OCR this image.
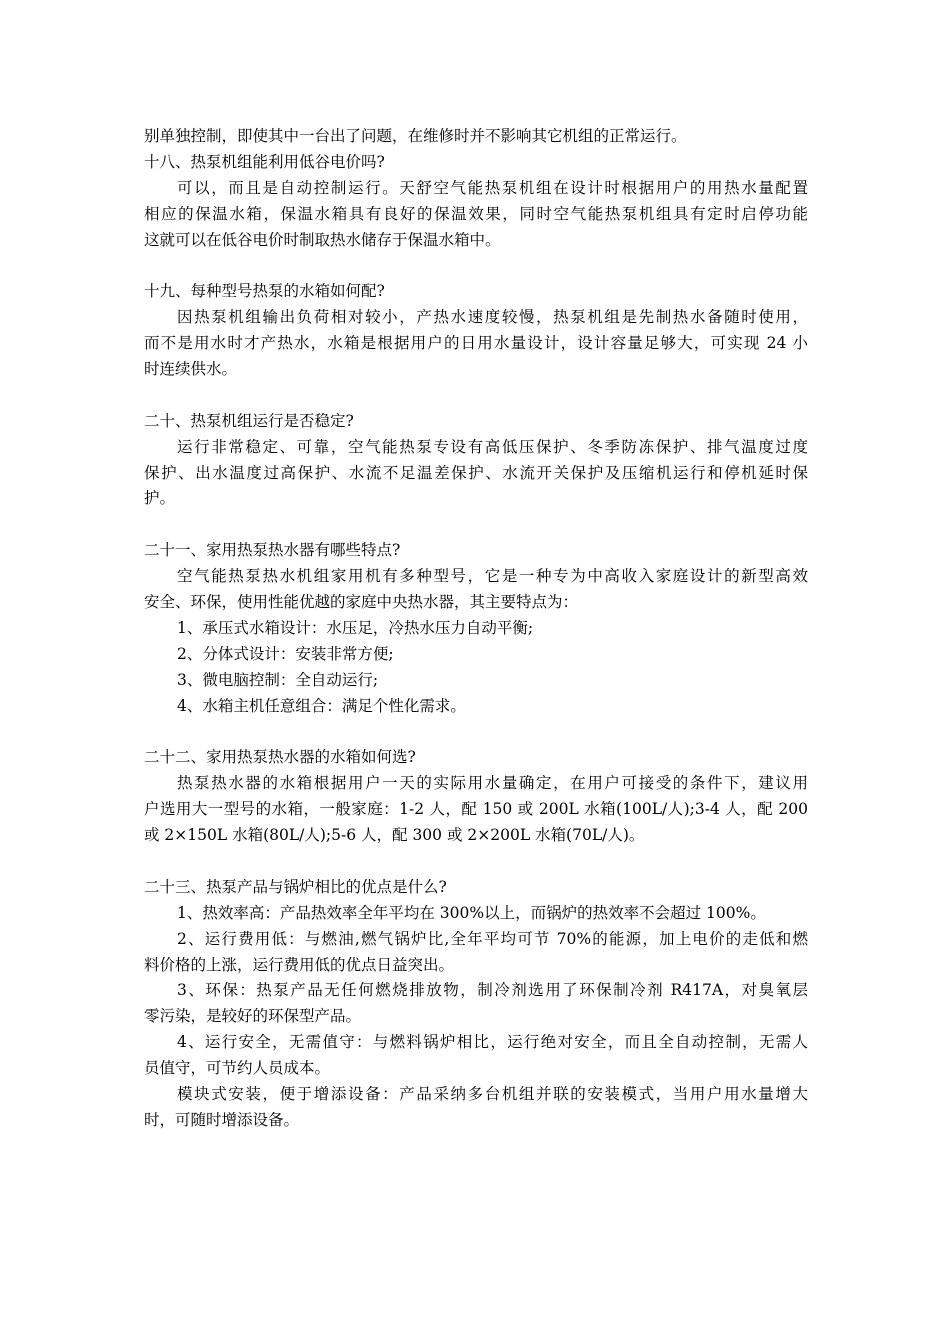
别单独控制，即使其中一台出了问题，在维修时并不影响其它机组的正常运行。
十八、热泵机组能利用低谷电价吗?
可以，而且是自动控制运行。天舒空气能热泵机组在设计时根据用户的用热水量配置
相应的保温水箱，保温水箱具有良好的保温效果，同时空气能热泵机组具有定时启停功能
这就可以在低谷电价时制取热水储存于保温水箱中。
十九、每种型号热泵的水箱如何配?
因热泵机组输出负荷相对较小，产热水速度较慢，热泵机组是先制热水备随时使用，
而不是用水时才产热水，水箱是根据用户的日用水量设计，设计容量足够大，可实现 24 小
时连续供水。
二十、热泵机组运行是否稳定?
运行非常稳定、可靠，空气能热泵专设有高低压保护、冬季防冻保护、排气温度过度
保护、出水温度过高保护、水流不足温差保护、水流开关保护及压缩机运行和停机延时保
护。
二十一、家用热泵热水器有哪些特点?
空气能热泵热水机组家用机有多种型号，它是一种专为中高收入家庭设计的新型高效
安全、环保，使用性能优越的家庭中央热水器，其主要特点为：
1、承压式水箱设计：水压足，冷热水压力自动平衡;
2、分体式设计：安装非常方便;
3、微电脑控制：全自动运行;
4、水箱主机任意组合：满足个性化需求。
二十二、家用热泵热水器的水箱如何选?
热泵热水器的水箱根据用户一天的实际用水量确定，在用户可接受的条件下，建议用
户选用大一型号的水箱，一般家庭：1-2 人，配 150 或 200L 水箱(100L/人);3-4 人，配 200
或 2×150L 水箱(80L/人);5-6 人，配 300 或 2×200L 水箱(70L/人)。
二十三、热泵产品与锅炉相比的优点是什么?
1、热效率高：产品热效率全年平均在 300%以上，而锅炉的热效率不会超过 100%。
2、运行费用低：与燃油,燃气锅炉比,全年平均可节 70%的能源，加上电价的走低和燃
料价格的上涨，运行费用低的优点日益突出。
3、环保：热泵产品无任何燃烧排放物，制冷剂选用了环保制冷剂 R417A，对臭氧层
零污染，是较好的环保型产品。
4、运行安全，无需值守：与燃料锅炉相比，运行绝对安全，而且全自动控制，无需人
员值守，可节约人员成本。
模块式安装，便于增添设备：产品采纳多台机组并联的安装模式，当用户用水量增大
时，可随时增添设备。
